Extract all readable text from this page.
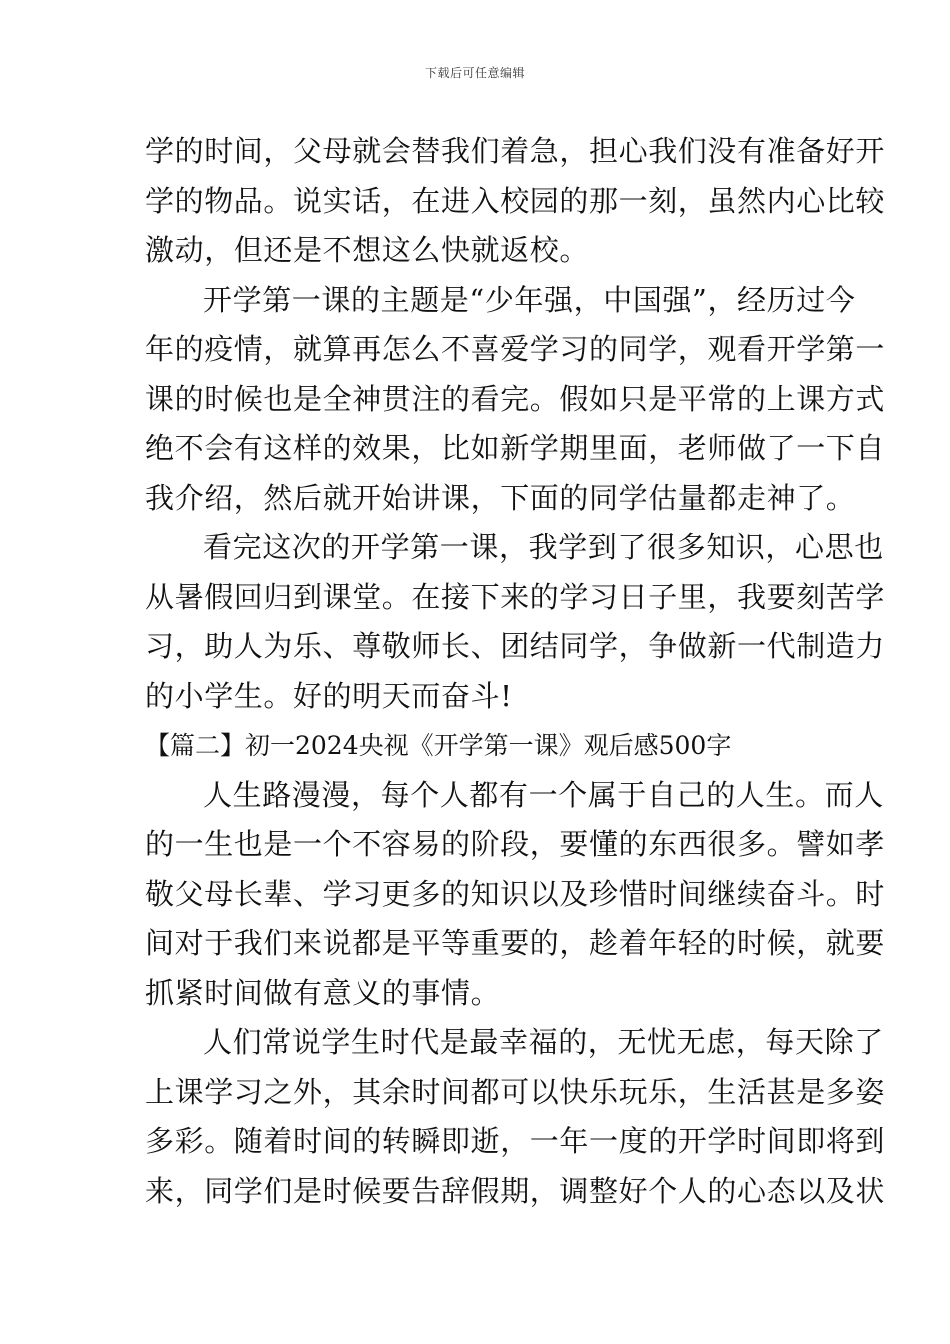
下载后可任意编辑
学的时间，父母就会替我们着急，担心我们没有准备好开
学的物品。说实话，在进入校园的那一刻，虽然内心比较
激动，但还是不想这么快就返校。
开学第一课的主题是“少年强，中国强”，经历过今
年的疫情，就算再怎么不喜爱学习的同学，观看开学第一
课的时候也是全神贯注的看完。假如只是平常的上课方式
绝不会有这样的效果，比如新学期里面，老师做了一下自
我介绍，然后就开始讲课，下面的同学估量都走神了。
看完这次的开学第一课，我学到了很多知识，心思也
从暑假回归到课堂。在接下来的学习日子里，我要刻苦学
习，助人为乐、尊敬师长、团结同学，争做新一代制造力
的小学生。好的明天而奋斗!
【篇二】初一2024央视《开学第一课》观后感500字
人生路漫漫，每个人都有一个属于自己的人生。而人
的一生也是一个不容易的阶段，要懂的东西很多。譬如孝
敬父母长辈、学习更多的知识以及珍惜时间继续奋斗。时
间对于我们来说都是平等重要的，趁着年轻的时候，就要
抓紧时间做有意义的事情。
人们常说学生时代是最幸福的，无忧无虑，每天除了
上课学习之外，其余时间都可以快乐玩乐，生活甚是多姿
多彩。随着时间的转瞬即逝，一年一度的开学时间即将到
来，同学们是时候要告辞假期，调整好个人的心态以及状
